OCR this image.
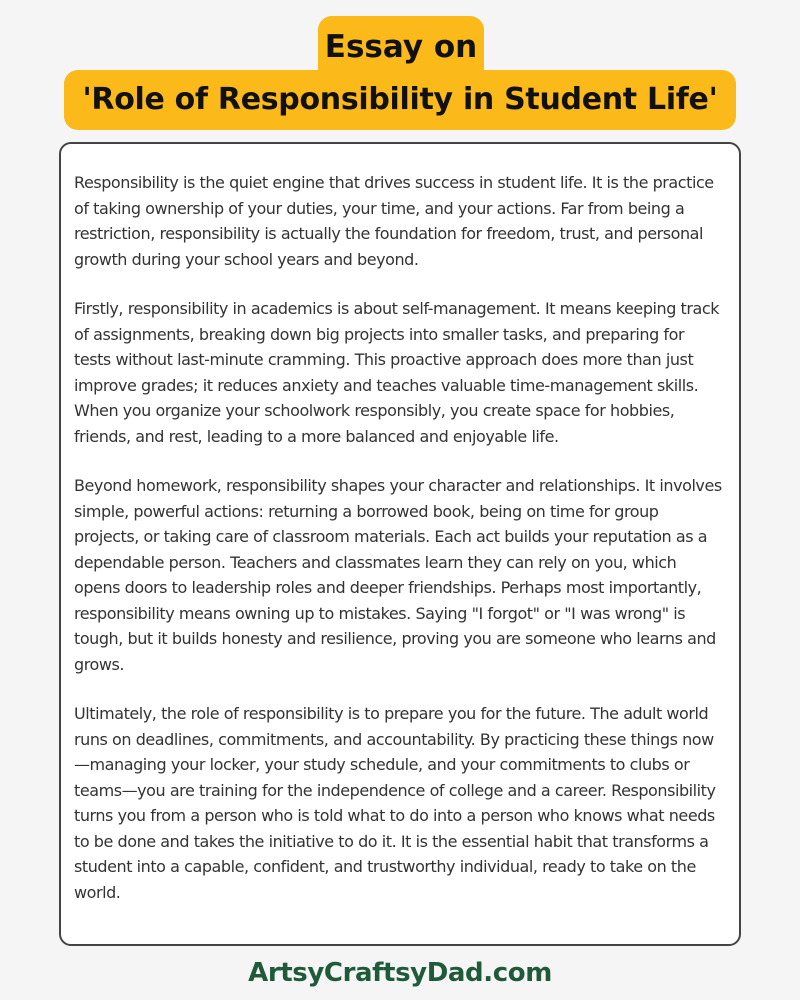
Essay on
'Role of Responsibility in Student Life'

Responsibility is the quiet engine that drives success in student life. It is the practice of taking ownership of your duties, your time, and your actions. Far from being a restriction, responsibility is actually the foundation for freedom, trust, and personal growth during your school years and beyond.

Firstly, responsibility in academics is about self-management. It means keeping track of assignments, breaking down big projects into smaller tasks, and preparing for tests without last-minute cramming. This proactive approach does more than just improve grades; it reduces anxiety and teaches valuable time-management skills. When you organize your schoolwork responsibly, you create space for hobbies, friends, and rest, leading to a more balanced and enjoyable life.

Beyond homework, responsibility shapes your character and relationships. It involves simple, powerful actions: returning a borrowed book, being on time for group projects, or taking care of classroom materials. Each act builds your reputation as a dependable person. Teachers and classmates learn they can rely on you, which opens doors to leadership roles and deeper friendships. Perhaps most importantly, responsibility means owning up to mistakes. Saying "I forgot" or "I was wrong" is tough, but it builds honesty and resilience, proving you are someone who learns and grows.

Ultimately, the role of responsibility is to prepare you for the future. The adult world runs on deadlines, commitments, and accountability. By practicing these things now—managing your locker, your study schedule, and your commitments to clubs or teams—you are training for the independence of college and a career. Responsibility turns you from a person who is told what to do into a person who knows what needs to be done and takes the initiative to do it. It is the essential habit that transforms a student into a capable, confident, and trustworthy individual, ready to take on the world.

ArtsyCraftsyDad.com
